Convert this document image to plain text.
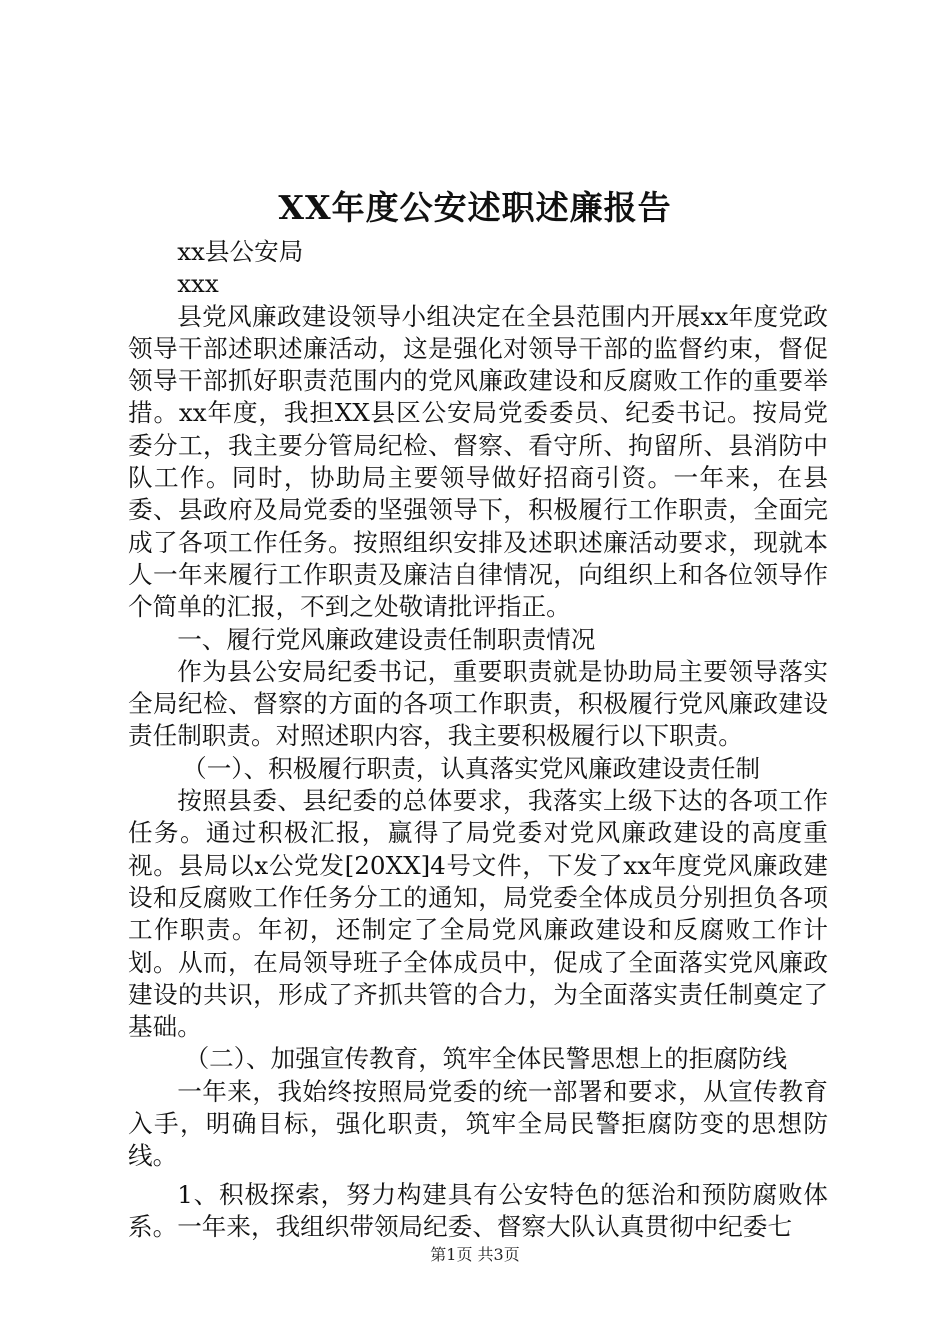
XX年度公安述职述廉报告

xx县公安局

xxx

县党风廉政建设领导小组决定在全县范围内开展xx年度党政领导干部述职述廉活动，这是强化对领导干部的监督约束，督促领导干部抓好职责范围内的党风廉政建设和反腐败工作的重要举措。xx年度，我担XX县区公安局党委委员、纪委书记。按局党委分工，我主要分管局纪检、督察、看守所、拘留所、县消防中队工作。同时，协助局主要领导做好招商引资。一年来，在县委、县政府及局党委的坚强领导下，积极履行工作职责，全面完成了各项工作任务。按照组织安排及述职述廉活动要求，现就本人一年来履行工作职责及廉洁自律情况，向组织上和各位领导作个简单的汇报，不到之处敬请批评指正。

一、履行党风廉政建设责任制职责情况

作为县公安局纪委书记，重要职责就是协助局主要领导落实全局纪检、督察的方面的各项工作职责，积极履行党风廉政建设责任制职责。对照述职内容，我主要积极履行以下职责。

（一）、积极履行职责，认真落实党风廉政建设责任制

按照县委、县纪委的总体要求，我落实上级下达的各项工作任务。通过积极汇报，赢得了局党委对党风廉政建设的高度重视。县局以x公党发[20XX]4号文件，下发了xx年度党风廉政建设和反腐败工作任务分工的通知，局党委全体成员分别担负各项工作职责。年初，还制定了全局党风廉政建设和反腐败工作计划。从而，在局领导班子全体成员中，促成了全面落实党风廉政建设的共识，形成了齐抓共管的合力，为全面落实责任制奠定了基础。

（二）、加强宣传教育，筑牢全体民警思想上的拒腐防线

一年来，我始终按照局党委的统一部署和要求，从宣传教育入手，明确目标，强化职责，筑牢全局民警拒腐防变的思想防线。

1、积极探索，努力构建具有公安特色的惩治和预防腐败体系。一年来，我组织带领局纪委、督察大队认真贯彻中纪委七

第1页 共3页
